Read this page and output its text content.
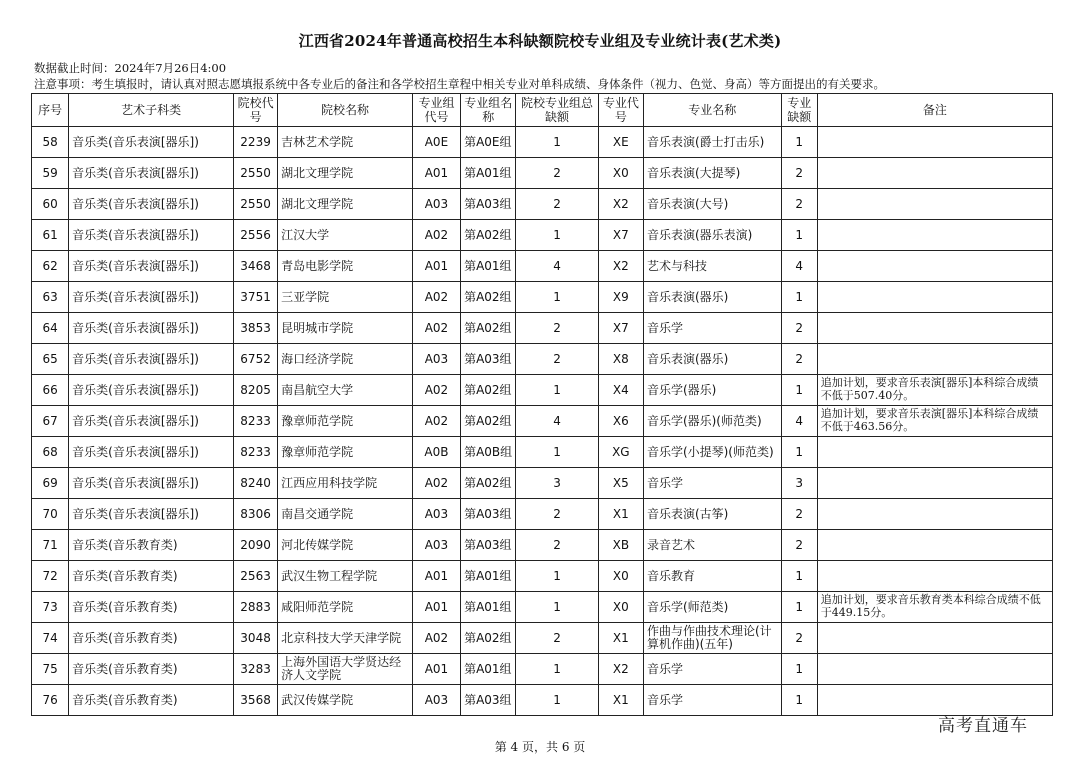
江西省2024年普通高校招生本科缺额院校专业组及专业统计表(艺术类)
数据截止时间：2024年7月26日4:00
注意事项：考生填报时，请认真对照志愿填报系统中各专业后的备注和各学校招生章程中相关专业对单科成绩、身体条件（视力、色觉、身高）等方面提出的有关要求。
序号	艺术子科类	院校代号	院校名称	专业组代号	专业组名称	院校专业组总缺额	专业代号	专业名称	专业缺额	备注
58	音乐类(音乐表演[器乐])	2239	吉林艺术学院	A0E	第A0E组	1	XE	音乐表演(爵士打击乐)	1	
59	音乐类(音乐表演[器乐])	2550	湖北文理学院	A01	第A01组	2	X0	音乐表演(大提琴)	2	
60	音乐类(音乐表演[器乐])	2550	湖北文理学院	A03	第A03组	2	X2	音乐表演(大号)	2	
61	音乐类(音乐表演[器乐])	2556	江汉大学	A02	第A02组	1	X7	音乐表演(器乐表演)	1	
62	音乐类(音乐表演[器乐])	3468	青岛电影学院	A01	第A01组	4	X2	艺术与科技	4	
63	音乐类(音乐表演[器乐])	3751	三亚学院	A02	第A02组	1	X9	音乐表演(器乐)	1	
64	音乐类(音乐表演[器乐])	3853	昆明城市学院	A02	第A02组	2	X7	音乐学	2	
65	音乐类(音乐表演[器乐])	6752	海口经济学院	A03	第A03组	2	X8	音乐表演(器乐)	2	
66	音乐类(音乐表演[器乐])	8205	南昌航空大学	A02	第A02组	1	X4	音乐学(器乐)	1	追加计划，要求音乐表演[器乐]本科综合成绩不低于507.40分。
67	音乐类(音乐表演[器乐])	8233	豫章师范学院	A02	第A02组	4	X6	音乐学(器乐)(师范类)	4	追加计划，要求音乐表演[器乐]本科综合成绩不低于463.56分。
68	音乐类(音乐表演[器乐])	8233	豫章师范学院	A0B	第A0B组	1	XG	音乐学(小提琴)(师范类)	1	
69	音乐类(音乐表演[器乐])	8240	江西应用科技学院	A02	第A02组	3	X5	音乐学	3	
70	音乐类(音乐表演[器乐])	8306	南昌交通学院	A03	第A03组	2	X1	音乐表演(古筝)	2	
71	音乐类(音乐教育类)	2090	河北传媒学院	A03	第A03组	2	XB	录音艺术	2	
72	音乐类(音乐教育类)	2563	武汉生物工程学院	A01	第A01组	1	X0	音乐教育	1	
73	音乐类(音乐教育类)	2883	咸阳师范学院	A01	第A01组	1	X0	音乐学(师范类)	1	追加计划，要求音乐教育类本科综合成绩不低于449.15分。
74	音乐类(音乐教育类)	3048	北京科技大学天津学院	A02	第A02组	2	X1	作曲与作曲技术理论(计算机作曲)(五年)	2	
75	音乐类(音乐教育类)	3283	上海外国语大学贤达经济人文学院	A01	第A01组	1	X2	音乐学	1	
76	音乐类(音乐教育类)	3568	武汉传媒学院	A03	第A03组	1	X1	音乐学	1	
第 4 页，共 6 页
高考直通车
